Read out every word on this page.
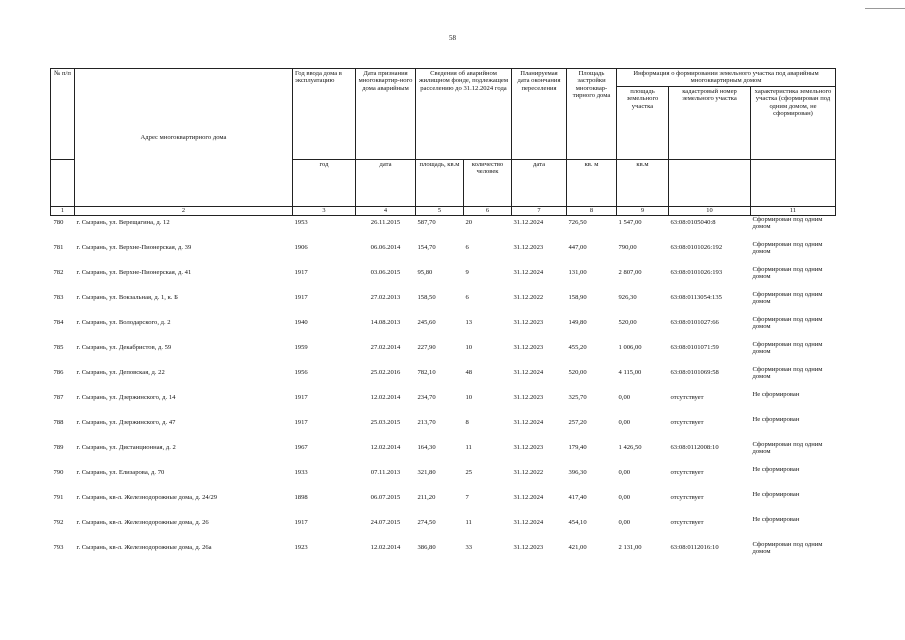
58
№ п/п	Адрес многоквартирного дома	Год ввода дома в эксплуатацию	Дата признания многоквартир-ного дома аварийным	Сведения об аварийном жилищном фонде, подлежащем расселению до 31.12.2024 года		Планируемая дата окончания переселения	Площадь застройки многоквар-тирного дома	Информация о формировании земельного участка под аварийным многоквартирным домом		
								площадь земельного участка	кадастровый номер земельного участка	характеристика земельного участка (сформирован под одним домом, не сформирован)
		год	дата	площадь, кв.м	количество человек	дата	кв. м	кв.м		
1	2	3	4	5	6	7	8	9	10	11
780	г. Сызрань, ул. Верещагина, д. 12	1953	26.11.2015	587,70	20	31.12.2024	726,50	1 547,00	63:08:0105040:8	Сформирован под одним домом
781	г. Сызрань, ул. Верхне-Пионерская, д. 39	1906	06.06.2014	154,70	6	31.12.2023	447,00	790,00	63:08:0101026:192	Сформирован под одним домом
782	г. Сызрань, ул. Верхне-Пионерская, д. 41	1917	03.06.2015	95,80	9	31.12.2024	131,00	2 807,00	63:08:0101026:193	Сформирован под одним домом
783	г. Сызрань, ул. Вокзальная, д. 1, к. Б	1917	27.02.2013	158,50	6	31.12.2022	158,90	926,30	63:08:0113054:135	Сформирован под одним домом
784	г. Сызрань, ул. Володарского, д. 2	1940	14.08.2013	245,60	13	31.12.2023	149,80	520,00	63:08:0101027:66	Сформирован под одним домом
785	г. Сызрань, ул. Декабристов, д. 59	1959	27.02.2014	227,90	10	31.12.2023	455,20	1 006,00	63:08:0101071:59	Сформирован под одним домом
786	г. Сызрань, ул. Деповская, д. 22	1956	25.02.2016	782,10	48	31.12.2024	520,00	4 115,00	63:08:0101069:58	Сформирован под одним домом
787	г. Сызрань, ул. Дзержинского, д. 14	1917	12.02.2014	234,70	10	31.12.2023	325,70	0,00	отсутствует	Не сформирован
788	г. Сызрань, ул. Дзержинского, д. 47	1917	25.03.2015	213,70	8	31.12.2024	257,20	0,00	отсутствует	Не сформирован
789	г. Сызрань, ул. Дистанционная, д. 2	1967	12.02.2014	164,30	11	31.12.2023	179,40	1 426,50	63:08:0112008:10	Сформирован под одним домом
790	г. Сызрань, ул. Елизарова, д. 70	1933	07.11.2013	321,80	25	31.12.2022	396,30	0,00	отсутствует	Не сформирован
791	г. Сызрань, кв-л. Железнодорожные дома, д. 24/29	1898	06.07.2015	211,20	7	31.12.2024	417,40	0,00	отсутствует	Не сформирован
792	г. Сызрань, кв-л. Железнодорожные дома, д. 26	1917	24.07.2015	274,50	11	31.12.2024	454,10	0,00	отсутствует	Не сформирован
793	г. Сызрань, кв-л. Железнодорожные дома, д. 26а	1923	12.02.2014	386,80	33	31.12.2023	421,00	2 131,00	63:08:0112016:10	Сформирован под одним домом
